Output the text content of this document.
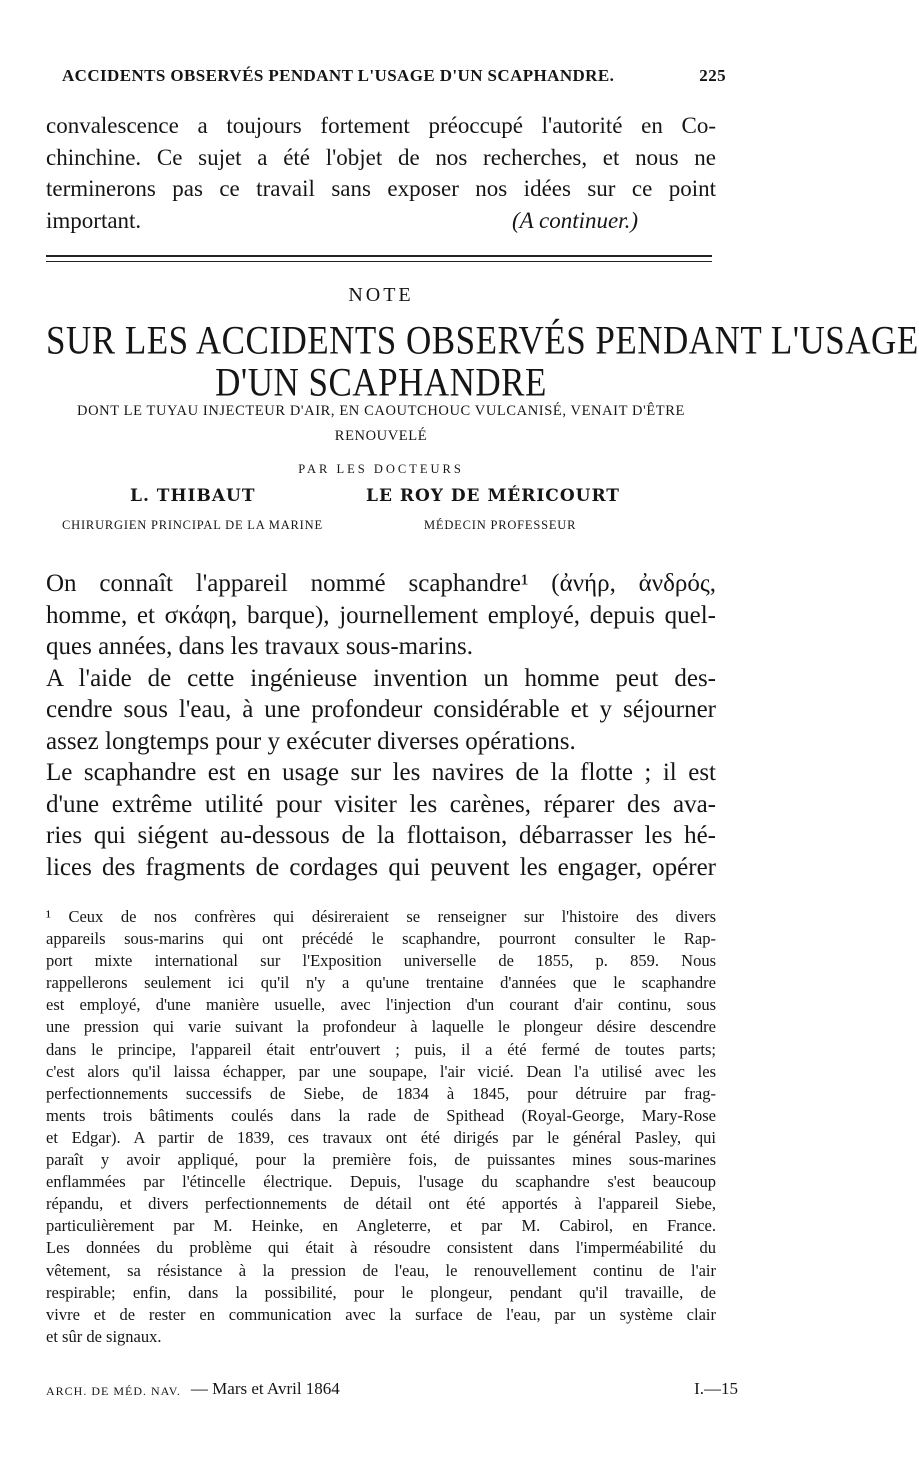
ACCIDENTS OBSERVÉS PENDANT L'USAGE D'UN SCAPHANDRE.	225
convalescence a toujours fortement préoccupé l'autorité en Co-
chinchine. Ce sujet a été l'objet de nos recherches, et nous ne
terminerons pas ce travail sans exposer nos idées sur ce point
important.	(A continuer.)
NOTE
SUR LES ACCIDENTS OBSERVÉS PENDANT L'USAGE
D'UN SCAPHANDRE
DONT LE TUYAU INJECTEUR D'AIR, EN CAOUTCHOUC VULCANISÉ, VENAIT D'ÊTRE
RENOUVELÉ
PAR LES DOCTEURS
L. THIBAUT	LE ROY DE MÉRICOURT
CHIRURGIEN PRINCIPAL DE LA MARINE	MÉDECIN PROFESSEUR
On connaît l'appareil nommé scaphandre¹ (ἀνήρ, ἀνδρός,
homme, et σκάφη, barque), journellement employé, depuis quel-
ques années, dans les travaux sous-marins.
A l'aide de cette ingénieuse invention un homme peut des-
cendre sous l'eau, à une profondeur considérable et y séjourner
assez longtemps pour y exécuter diverses opérations.
Le scaphandre est en usage sur les navires de la flotte ; il est
d'une extrême utilité pour visiter les carènes, réparer des ava-
ries qui siégent au-dessous de la flottaison, débarrasser les hé-
lices des fragments de cordages qui peuvent les engager, opérer
¹ Ceux de nos confrères qui désireraient se renseigner sur l'histoire des divers
appareils sous-marins qui ont précédé le scaphandre, pourront consulter le Rap-
port mixte international sur l'Exposition universelle de 1855, p. 859. Nous
rappellerons seulement ici qu'il n'y a qu'une trentaine d'années que le scaphandre
est employé, d'une manière usuelle, avec l'injection d'un courant d'air continu, sous
une pression qui varie suivant la profondeur à laquelle le plongeur désire descendre
dans le principe, l'appareil était entr'ouvert ; puis, il a été fermé de toutes parts;
c'est alors qu'il laissa échapper, par une soupape, l'air vicié. Dean l'a utilisé avec les
perfectionnements successifs de Siebe, de 1834 à 1845, pour détruire par frag-
ments trois bâtiments coulés dans la rade de Spithead (Royal-George, Mary-Rose
et Edgar). A partir de 1839, ces travaux ont été dirigés par le général Pasley, qui
paraît y avoir appliqué, pour la première fois, de puissantes mines sous-marines
enflammées par l'étincelle électrique. Depuis, l'usage du scaphandre s'est beaucoup
répandu, et divers perfectionnements de détail ont été apportés à l'appareil Siebe,
particulièrement par M. Heinke, en Angleterre, et par M. Cabirol, en France.
Les données du problème qui était à résoudre consistent dans l'imperméabilité du
vêtement, sa résistance à la pression de l'eau, le renouvellement continu de l'air
respirable; enfin, dans la possibilité, pour le plongeur, pendant qu'il travaille, de
vivre et de rester en communication avec la surface de l'eau, par un système clair
et sûr de signaux.
ARCH. DE MÉD. NAV. — Mars et Avril 1864	I.—15
